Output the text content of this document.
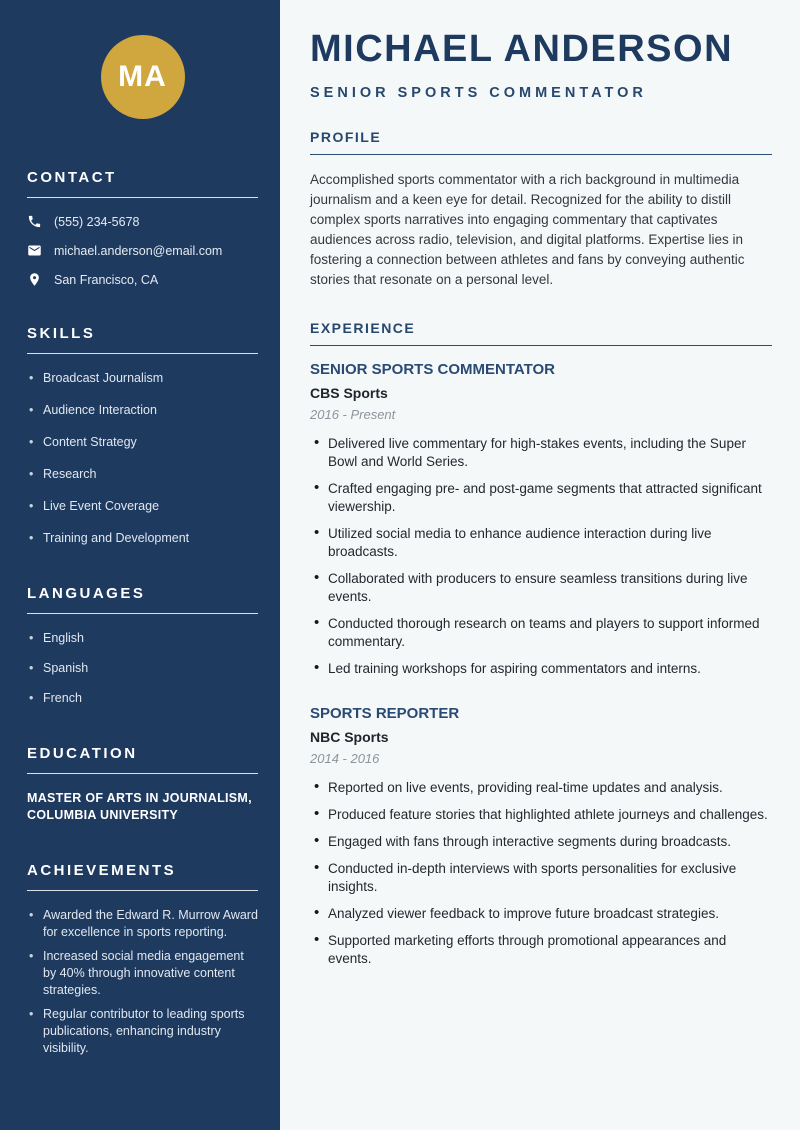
MA
CONTACT
(555) 234-5678
michael.anderson@email.com
San Francisco, CA
SKILLS
• Broadcast Journalism
• Audience Interaction
• Content Strategy
• Research
• Live Event Coverage
• Training and Development
LANGUAGES
• English
• Spanish
• French
EDUCATION
MASTER OF ARTS IN JOURNALISM, COLUMBIA UNIVERSITY
ACHIEVEMENTS
• Awarded the Edward R. Murrow Award for excellence in sports reporting.
• Increased social media engagement by 40% through innovative content strategies.
• Regular contributor to leading sports publications, enhancing industry visibility.
MICHAEL ANDERSON
SENIOR SPORTS COMMENTATOR
PROFILE

Accomplished sports commentator with a rich background in multimedia journalism and a keen eye for detail. Recognized for the ability to distill complex sports narratives into engaging commentary that captivates audiences across radio, television, and digital platforms. Expertise lies in fostering a connection between athletes and fans by conveying authentic stories that resonate on a personal level.

EXPERIENCE
SENIOR SPORTS COMMENTATOR
CBS Sports
2016 - Present
• Delivered live commentary for high-stakes events, including the Super Bowl and World Series.
• Crafted engaging pre- and post-game segments that attracted significant viewership.
• Utilized social media to enhance audience interaction during live broadcasts.
• Collaborated with producers to ensure seamless transitions during live events.
• Conducted thorough research on teams and players to support informed commentary.
• Led training workshops for aspiring commentators and interns.
SPORTS REPORTER
NBC Sports
2014 - 2016
• Reported on live events, providing real-time updates and analysis.
• Produced feature stories that highlighted athlete journeys and challenges.
• Engaged with fans through interactive segments during broadcasts.
• Conducted in-depth interviews with sports personalities for exclusive insights.
• Analyzed viewer feedback to improve future broadcast strategies.
• Supported marketing efforts through promotional appearances and events.
